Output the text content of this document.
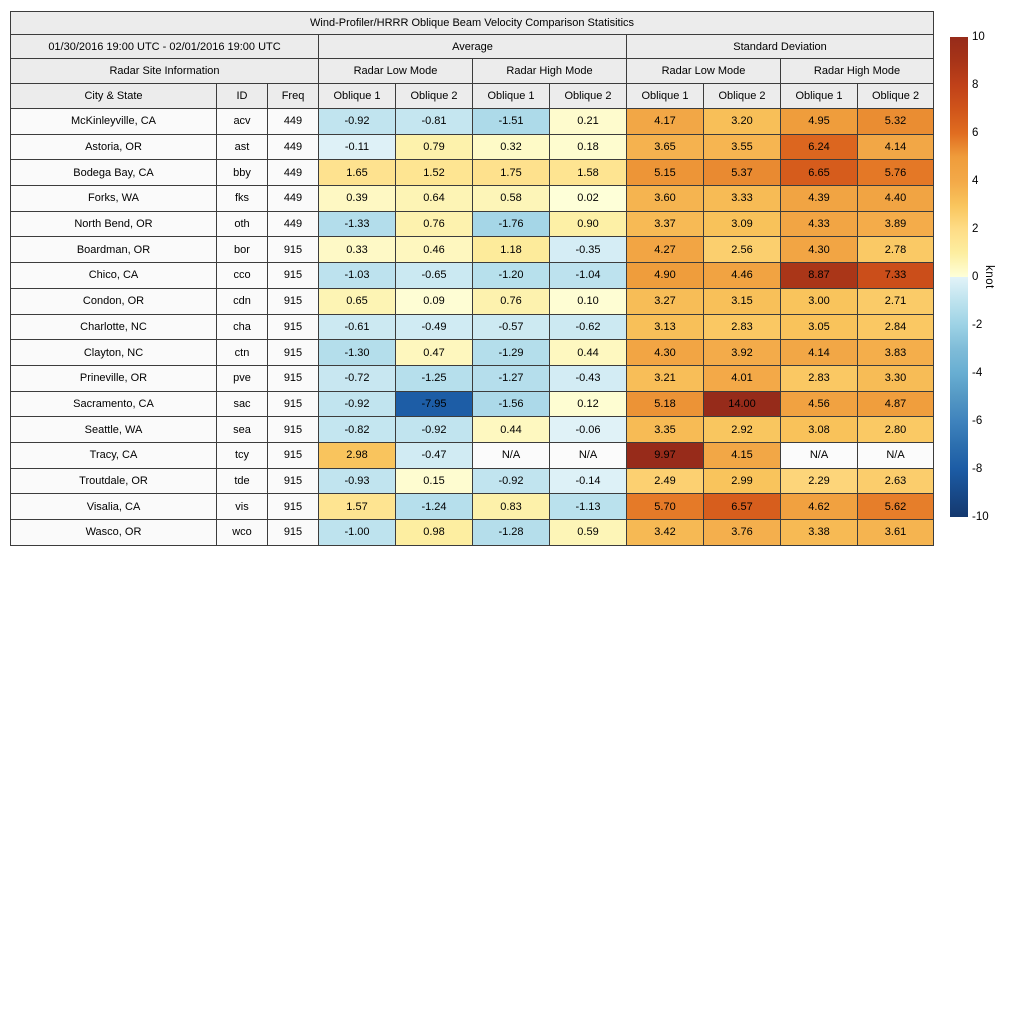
Wind-Profiler/HRRR Oblique Beam Velocity Comparison Statisitics										
01/30/2016 19:00 UTC - 02/01/2016 19:00 UTC			Average				Standard Deviation			
Radar Site Information			Radar Low Mode		Radar High Mode		Radar Low Mode		Radar High Mode	
City & State	ID	Freq	Oblique 1	Oblique 2	Oblique 1	Oblique 2	Oblique 1	Oblique 2	Oblique 1	Oblique 2
McKinleyville, CA	acv	449	-0.92	-0.81	-1.51	0.21	4.17	3.20	4.95	5.32
Astoria, OR	ast	449	-0.11	0.79	0.32	0.18	3.65	3.55	6.24	4.14
Bodega Bay, CA	bby	449	1.65	1.52	1.75	1.58	5.15	5.37	6.65	5.76
Forks, WA	fks	449	0.39	0.64	0.58	0.02	3.60	3.33	4.39	4.40
North Bend, OR	oth	449	-1.33	0.76	-1.76	0.90	3.37	3.09	4.33	3.89
Boardman, OR	bor	915	0.33	0.46	1.18	-0.35	4.27	2.56	4.30	2.78
Chico, CA	cco	915	-1.03	-0.65	-1.20	-1.04	4.90	4.46	8.87	7.33
Condon, OR	cdn	915	0.65	0.09	0.76	0.10	3.27	3.15	3.00	2.71
Charlotte, NC	cha	915	-0.61	-0.49	-0.57	-0.62	3.13	2.83	3.05	2.84
Clayton, NC	ctn	915	-1.30	0.47	-1.29	0.44	4.30	3.92	4.14	3.83
Prineville, OR	pve	915	-0.72	-1.25	-1.27	-0.43	3.21	4.01	2.83	3.30
Sacramento, CA	sac	915	-0.92	-7.95	-1.56	0.12	5.18	14.00	4.56	4.87
Seattle, WA	sea	915	-0.82	-0.92	0.44	-0.06	3.35	2.92	3.08	2.80
Tracy, CA	tcy	915	2.98	-0.47	N/A	N/A	9.97	4.15	N/A	N/A
Troutdale, OR	tde	915	-0.93	0.15	-0.92	-0.14	2.49	2.99	2.29	2.63
Visalia, CA	vis	915	1.57	-1.24	0.83	-1.13	5.70	6.57	4.62	5.62
Wasco, OR	wco	915	-1.00	0.98	-1.28	0.59	3.42	3.76	3.38	3.61
10
8
6
4
2
0
-2
-4
-6
-8
-10
knot
